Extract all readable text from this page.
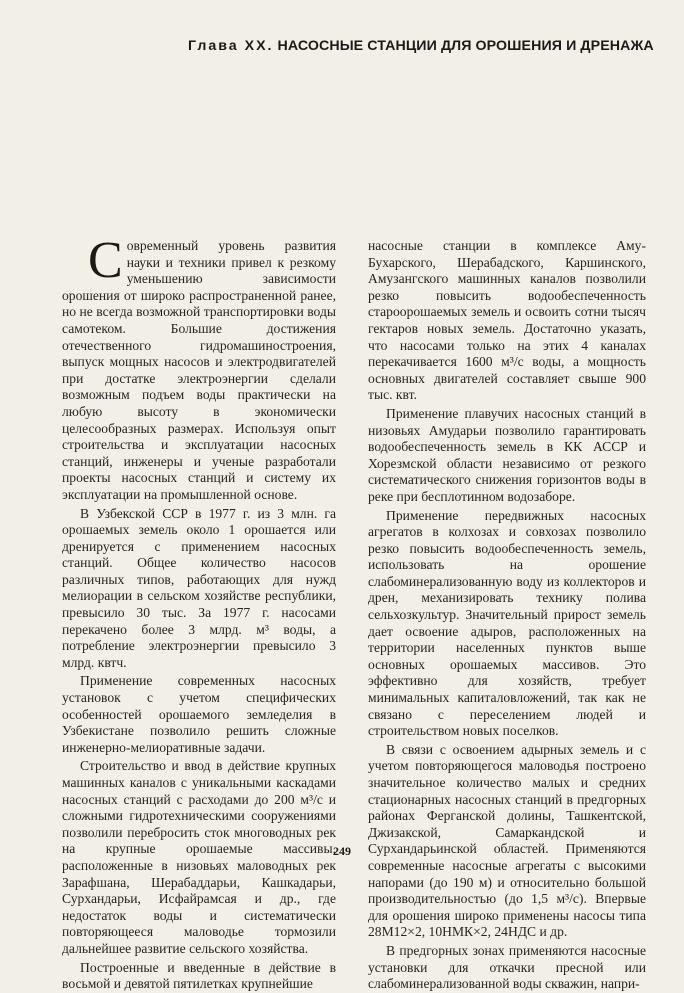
Глава XX. НАСОСНЫЕ СТАНЦИИ ДЛЯ ОРОШЕНИЯ И ДРЕНАЖА

Современный уровень развития науки и техники привел к резкому уменьшению зависимости орошения от широко распространенной ранее, но не всегда возможной транспортировки воды самотеком. Большие достижения отечественного гидромашиностроения, выпуск мощных насосов и электродвигателей при достатке электроэнергии сделали возможным подъем воды практически на любую высоту в экономически целесообразных размерах. Используя опыт строительства и эксплуатации насосных станций, инженеры и ученые разработали проекты насосных станций и систему их эксплуатации на промышленной основе.

В Узбекской ССР в 1977 г. из 3 млн. га орошаемых земель около 1 орошается или дренируется с применением насосных станций. Общее количество насосов различных типов, работающих для нужд мелиорации в сельском хозяйстве республики, превысило 30 тыс. За 1977 г. насосами перекачено более 3 млрд. м³ воды, а потребление электроэнергии превысило 3 млрд. квтч.

Применение современных насосных установок с учетом специфических особенностей орошаемого земледелия в Узбекистане позволило решить сложные инженерно-мелиоративные задачи.

Строительство и ввод в действие крупных машинных каналов с уникальными каскадами насосных станций с расходами до 200 м³/с и сложными гидротехническими сооружениями позволили перебросить сток многоводных рек на крупные орошаемые массивы, расположенные в низовьях маловодных рек Зарафшана, Шерабаддарьи, Кашкадарьи, Сурхандарьи, Исфайрамсая и др., где недостаток воды и систематически повторяющееся маловодье тормозили дальнейшее развитие сельского хозяйства.

Построенные и введенные в действие в восьмой и девятой пятилетках крупнейшие

насосные станции в комплексе Аму-Бухарского, Шерабадского, Каршинского, Амузангского машинных каналов позволили резко повысить водообеспеченность староорошаемых земель и освоить сотни тысяч гектаров новых земель. Достаточно указать, что насосами только на этих 4 каналах перекачивается 1600 м³/с воды, а мощность основных двигателей составляет свыше 900 тыс. квт.

Применение плавучих насосных станций в низовьях Амударьи позволило гарантировать водообеспеченность земель в КК АССР и Хорезмской области независимо от резкого систематического снижения горизонтов воды в реке при бесплотинном водозаборе.

Применение передвижных насосных агрегатов в колхозах и совхозах позволило резко повысить водообеспеченность земель, использовать на орошение слабоминерализованную воду из коллекторов и дрен, механизировать технику полива сельхозкультур. Значительный прирост земель дает освоение адыров, расположенных на территории населенных пунктов выше основных орошаемых массивов. Это эффективно для хозяйств, требует минимальных капиталовложений, так как не связано с переселением людей и строительством новых поселков.

В связи с освоением адырных земель и с учетом повторяющегося маловодья построено значительное количество малых и средних стационарных насосных станций в предгорных районах Ферганской долины, Ташкентской, Джизакской, Самаркандской и Сурхандарьинской областей. Применяются современные насосные агрегаты с высокими напорами (до 190 м) и относительно большой производительностью (до 1,5 м³/с). Впервые для орошения широко применены насосы типа 28М12×2, 10НМК×2, 24НДС и др.

В предгорных зонах применяются насосные установки для откачки пресной или слабоминерализованной воды скважин, напри-

249
